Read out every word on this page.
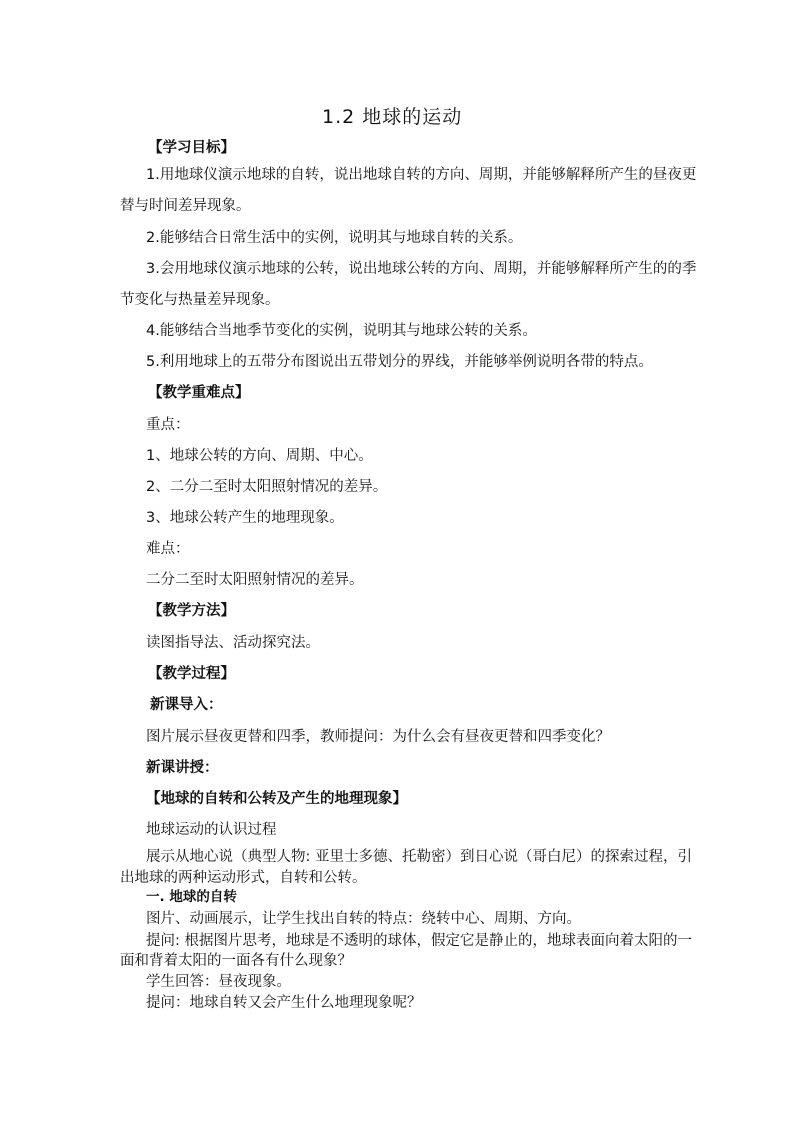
1.2 地球的运动
【学习目标】
1.用地球仪演示地球的自转，说出地球自转的方向、周期，并能够解释所产生的昼夜更
替与时间差异现象。
2.能够结合日常生活中的实例，说明其与地球自转的关系。
3.会用地球仪演示地球的公转，说出地球公转的方向、周期，并能够解释所产生的的季
节变化与热量差异现象。
4.能够结合当地季节变化的实例，说明其与地球公转的关系。
5.利用地球上的五带分布图说出五带划分的界线，并能够举例说明各带的特点。
【教学重难点】
重点：
1、地球公转的方向、周期、中心。
2、二分二至时太阳照射情况的差异。
3、地球公转产生的地理现象。
难点：
二分二至时太阳照射情况的差异。
【教学方法】
读图指导法、活动探究法。
【教学过程】
新课导入：
图片展示昼夜更替和四季，教师提问：为什么会有昼夜更替和四季变化？
新课讲授：
【地球的自转和公转及产生的地理现象】
地球运动的认识过程
展示从地心说（典型人物: 亚里士多德、托勒密）到日心说（哥白尼）的探索过程，引
出地球的两种运动形式，自转和公转。
一. 地球的自转
图片、动画展示，让学生找出自转的特点：绕转中心、周期、方向。
提问: 根据图片思考，地球是不透明的球体，假定它是静止的，地球表面向着太阳的一
面和背着太阳的一面各有什么现象？
学生回答：昼夜现象。
提问：地球自转又会产生什么地理现象呢？
